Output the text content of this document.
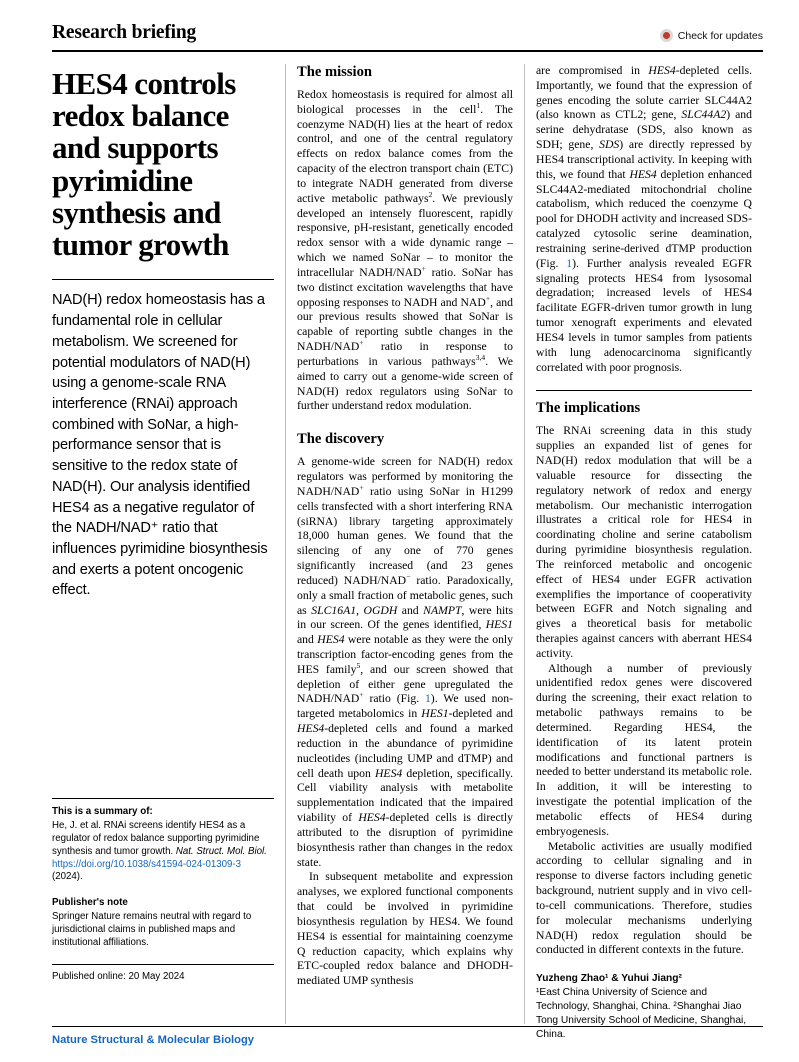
Research briefing	Check for updates
HES4 controls redox balance and supports pyrimidine synthesis and tumor growth
NAD(H) redox homeostasis has a fundamental role in cellular metabolism. We screened for potential modulators of NAD(H) using a genome-scale RNA interference (RNAi) approach combined with SoNar, a high-performance sensor that is sensitive to the redox state of NAD(H). Our analysis identified HES4 as a negative regulator of the NADH/NAD⁺ ratio that influences pyrimidine biosynthesis and exerts a potent oncogenic effect.
This is a summary of:
He, J. et al. RNAi screens identify HES4 as a regulator of redox balance supporting pyrimidine synthesis and tumor growth. Nat. Struct. Mol. Biol. https://doi.org/10.1038/s41594-024-01309-3 (2024).
Publisher's note
Springer Nature remains neutral with regard to jurisdictional claims in published maps and institutional affiliations.
Published online: 20 May 2024
The mission

Redox homeostasis is required for almost all biological processes in the cell$^1$. The coenzyme NAD(H) lies at the heart of redox control, and one of the central regulatory effects on redox balance comes from the capacity of the electron transport chain (ETC) to integrate NADH generated from diverse active metabolic pathways$^2$. We previously developed an intensely fluorescent, rapidly responsive, pH-resistant, genetically encoded redox sensor with a wide dynamic range – which we named SoNar – to monitor the intracellular NADH/NAD+ ratio. SoNar has two distinct excitation wavelengths that have opposing responses to NADH and NAD+, and our previous results showed that SoNar is capable of reporting subtle changes in the NADH/NAD+ ratio in response to perturbations in various pathways$^{3,4}$. We aimed to carry out a genome-wide screen of NAD(H) redox regulators using SoNar to further understand redox modulation.

The discovery

A genome-wide screen for NAD(H) redox regulators was performed by monitoring the NADH/NAD+ ratio using SoNar in H1299 cells transfected with a short interfering RNA (siRNA) library targeting approximately 18,000 human genes. We found that the silencing of any one of 770 genes significantly increased (and 23 genes reduced) NADH/NAD− ratio. Paradoxically, only a small fraction of metabolic genes, such as SLC16A1, OGDH and NAMPT, were hits in our screen. Of the genes identified, HES1 and HES4 were notable as they were the only transcription factor-encoding genes from the HES family$^5$, and our screen showed that depletion of either gene upregulated the NADH/NAD+ ratio (Fig. 1). We used non-targeted metabolomics in HES1-depleted and HES4-depleted cells and found a marked reduction in the abundance of pyrimidine nucleotides (including UMP and dTMP) and cell death upon HES4 depletion, specifically. Cell viability analysis with metabolite supplementation indicated that the impaired viability of HES4-depleted cells is directly attributed to the disruption of pyrimidine biosynthesis rather than changes in the redox state.

In subsequent metabolite and expression analyses, we explored functional components that could be involved in pyrimidine biosynthesis regulation by HES4. We found HES4 is essential for maintaining coenzyme Q reduction capacity, which explains why ETC-coupled redox balance and DHODH-mediated UMP synthesis

are compromised in HES4-depleted cells. Importantly, we found that the expression of genes encoding the solute carrier SLC44A2 (also known as CTL2; gene, SLC44A2) and serine dehydratase (SDS, also known as SDH; gene, SDS) are directly repressed by HES4 transcriptional activity. In keeping with this, we found that HES4 depletion enhanced SLC44A2-mediated mitochondrial choline catabolism, which reduced the coenzyme Q pool for DHODH activity and increased SDS-catalyzed cytosolic serine deamination, restraining serine-derived dTMP production (Fig. 1). Further analysis revealed EGFR signaling protects HES4 from lysosomal degradation; increased levels of HES4 facilitate EGFR-driven tumor growth in lung tumor xenograft experiments and elevated HES4 levels in tumor samples from patients with lung adenocarcinoma significantly correlated with poor prognosis.

The implications

The RNAi screening data in this study supplies an expanded list of genes for NAD(H) redox modulation that will be a valuable resource for dissecting the regulatory network of redox and energy metabolism. Our mechanistic interrogation illustrates a critical role for HES4 in coordinating choline and serine catabolism during pyrimidine biosynthesis regulation. The reinforced metabolic and oncogenic effect of HES4 under EGFR activation exemplifies the importance of cooperativity between EGFR and Notch signaling and gives a theoretical basis for metabolic therapies against cancers with aberrant HES4 activity.

Although a number of previously unidentified redox genes were discovered during the screening, their exact relation to metabolic pathways remains to be determined. Regarding HES4, the identification of its latent protein modifications and functional partners is needed to better understand its metabolic role. In addition, it will be interesting to investigate the potential implication of the metabolic effects of HES4 during embryogenesis.

Metabolic activities are usually modified according to cellular signaling and in response to diverse factors including genetic background, nutrient supply and in vivo cell-to-cell communications. Therefore, studies for molecular mechanisms underlying NAD(H) redox regulation should be conducted in different contexts in the future.

Yuzheng Zhao¹ & Yuhui Jiang²
¹East China University of Science and Technology, Shanghai, China. ²Shanghai Jiao Tong University School of Medicine, Shanghai, China.
Nature Structural & Molecular Biology
